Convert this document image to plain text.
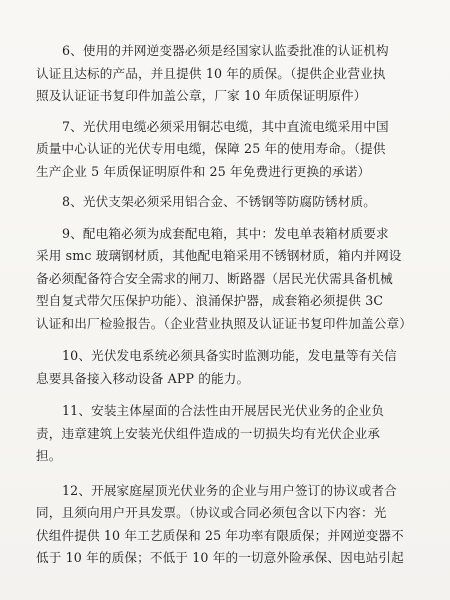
6、使用的并网逆变器必须是经国家认监委批准的认证机构
认证且达标的产品，并且提供 10 年的质保。（提供企业营业执
照及认证证书复印件加盖公章，厂家 10 年质保证明原件）
7、光伏用电缆必须采用铜芯电缆，其中直流电缆采用中国
质量中心认证的光伏专用电缆，保障 25 年的使用寿命。（提供
生产企业 5 年质保证明原件和 25 年免费进行更换的承诺）
8、光伏支架必须采用铝合金、不锈钢等防腐防锈材质。
9、配电箱必须为成套配电箱，其中：发电单表箱材质要求
采用 smc 玻璃钢材质，其他配电箱采用不锈钢材质，箱内并网设
备必须配备符合安全需求的闸刀、断路器（居民光伏需具备机械
型自复式带欠压保护功能）、浪涌保护器，成套箱必须提供 3C
认证和出厂检验报告。（企业营业执照及认证证书复印件加盖公章）
10、光伏发电系统必须具备实时监测功能，发电量等有关信
息要具备接入移动设备 APP 的能力。
11、安装主体屋面的合法性由开展居民光伏业务的企业负
责，违章建筑上安装光伏组件造成的一切损失均有光伏企业承
担。
12、开展家庭屋顶光伏业务的企业与用户签订的协议或者合
同，且须向用户开具发票。（协议或合同必须包含以下内容：光
伏组件提供 10 年工艺质保和 25 年功率有限质保；并网逆变器不
低于 10 年的质保；不低于 10 年的一切意外险承保、因电站引起
